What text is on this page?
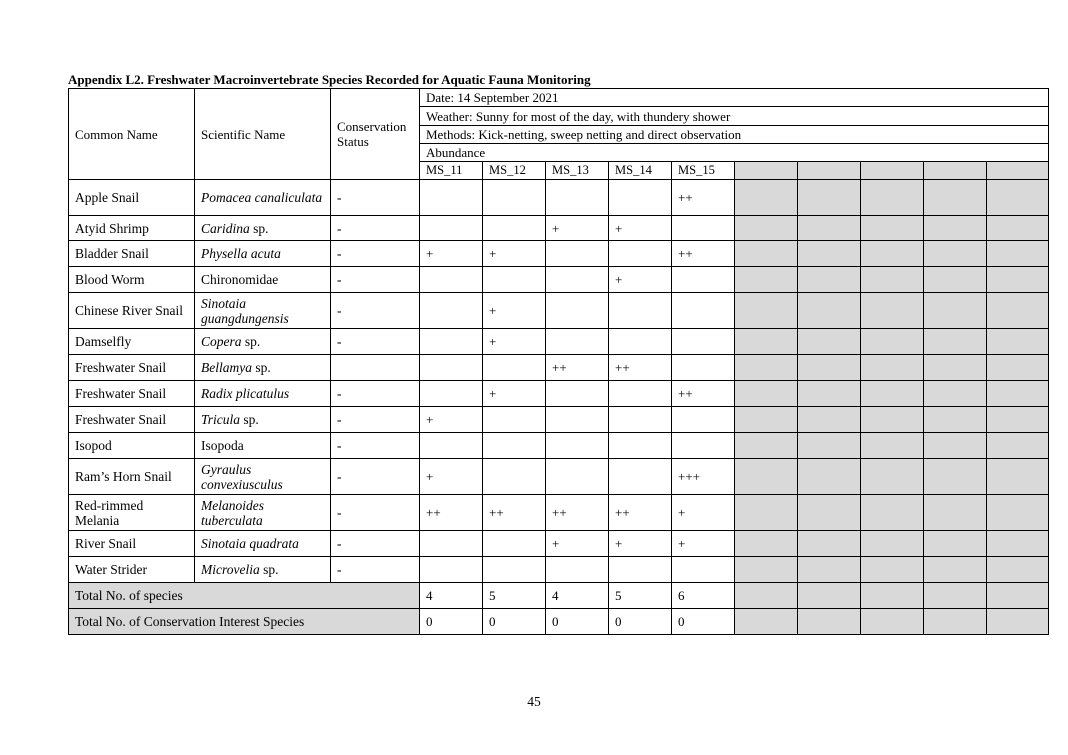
Appendix L2. Freshwater Macroinvertebrate Species Recorded for Aquatic Fauna Monitoring
Common Name	Scientific Name	Conservation Status	Date: 14 September 2021									
			Weather: Sunny for most of the day, with thundery shower									
			Methods: Kick-netting, sweep netting and direct observation									
			Abundance									
			MS_11	MS_12	MS_13	MS_14	MS_15					
Apple Snail	Pomacea canaliculata	-					++					
Atyid Shrimp	Caridina sp.	-			+	+						
Bladder Snail	Physella acuta	-	+	+			++					
Blood Worm	Chironomidae	-				+						
Chinese River Snail	Sinotaia guangdungensis	-		+								
Damselfly	Copera sp.	-		+								
Freshwater Snail	Bellamya sp.				++	++						
Freshwater Snail	Radix plicatulus	-		+			++					
Freshwater Snail	Tricula sp.	-	+									
Isopod	Isopoda	-										
Ram’s Horn Snail	Gyraulus convexiusculus	-	+				+++					
Red-rimmed Melania	Melanoides tuberculata	-	++	++	++	++	+					
River Snail	Sinotaia quadrata	-			+	+	+					
Water Strider	Microvelia sp.	-										
Total No. of species			4	5	4	5	6					
Total No. of Conservation Interest Species			0	0	0	0	0					
45
